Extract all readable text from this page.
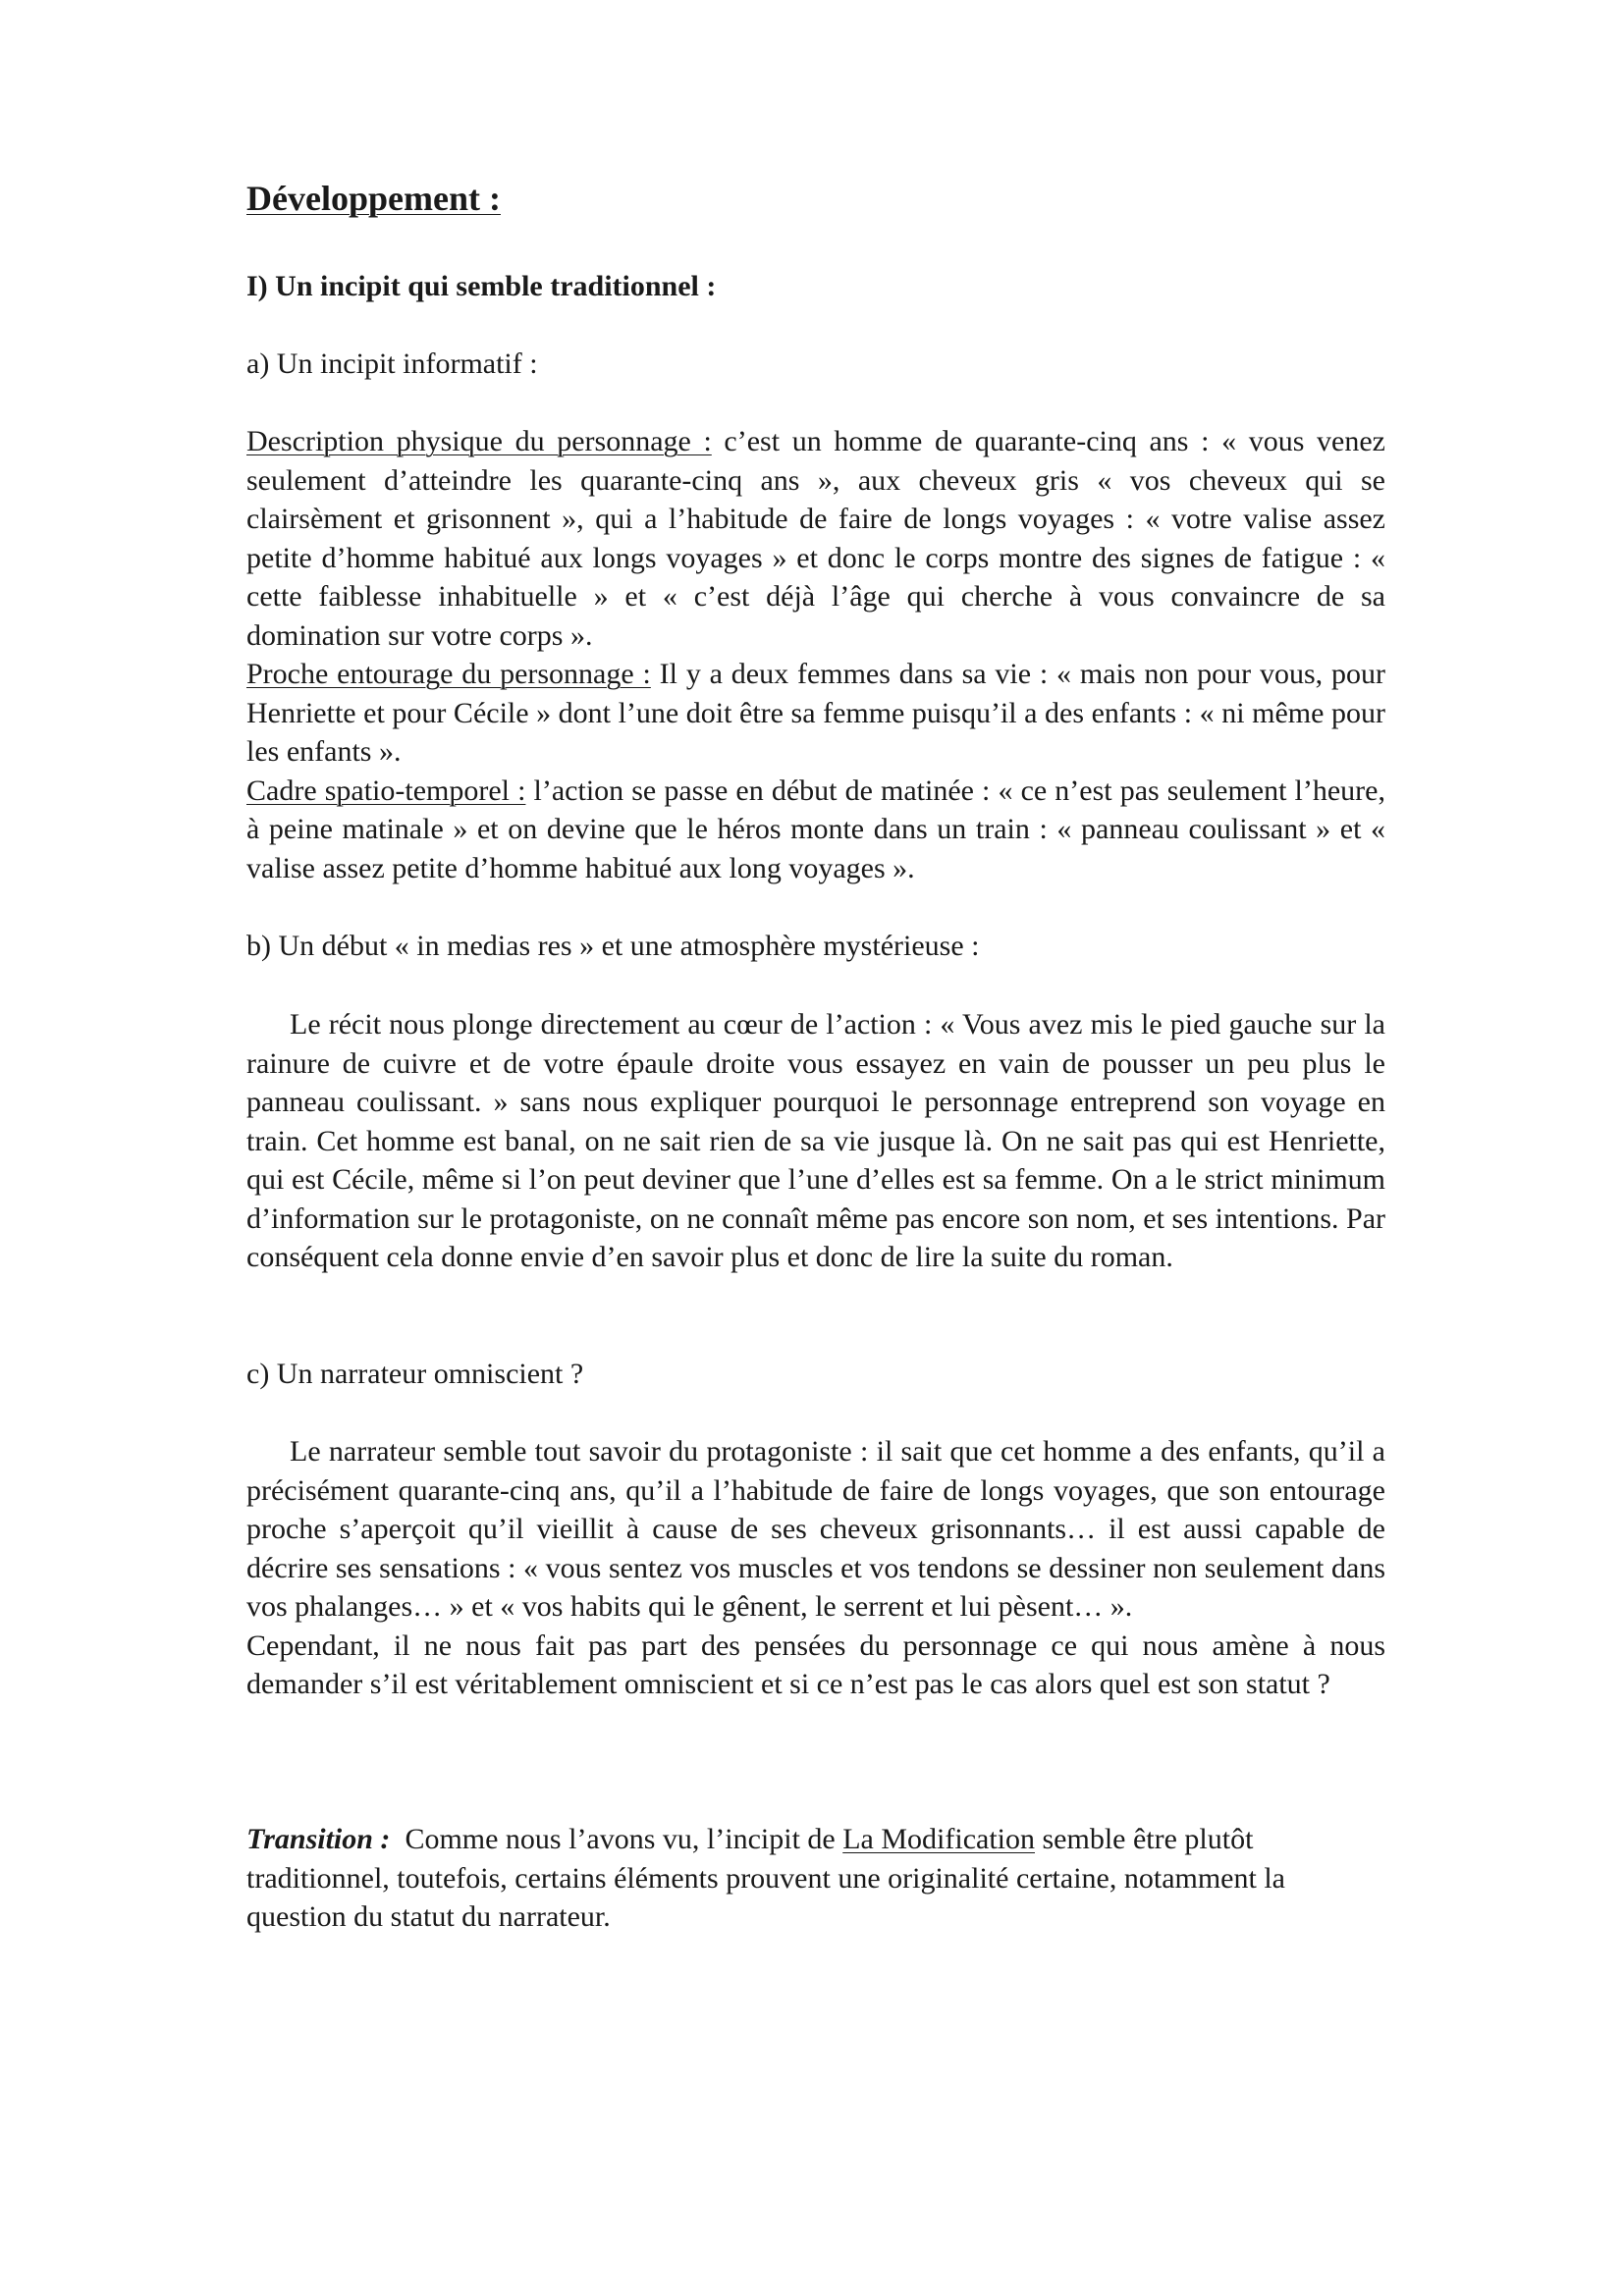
Développement :
I) Un incipit qui semble traditionnel :
a) Un incipit informatif :

Description physique du personnage : c’est un homme de quarante-cinq ans : « vous venez seulement d’atteindre les quarante-cinq ans », aux cheveux gris « vos cheveux qui se clairsèment et grisonnent », qui a l’habitude de faire de longs voyages : « votre valise assez petite d’homme habitué aux longs voyages » et donc le corps montre des signes de fatigue : « cette faiblesse inhabituelle » et « c’est déjà l’âge qui cherche à vous convaincre de sa domination sur votre corps ».

Proche entourage du personnage : Il y a deux femmes dans sa vie : « mais non pour vous, pour Henriette et pour Cécile » dont l’une doit être sa femme puisqu’il a des enfants : « ni même pour les enfants ».

Cadre spatio-temporel : l’action se passe en début de matinée : « ce n’est pas seulement l’heure, à peine matinale » et on devine que le héros monte dans un train : « panneau coulissant » et « valise assez petite d’homme habitué aux long voyages ».

b) Un début « in medias res » et une atmosphère mystérieuse :

Le récit nous plonge directement au cœur de l’action : « Vous avez mis le pied gauche sur la rainure de cuivre et de votre épaule droite vous essayez en vain de pousser un peu plus le panneau coulissant. » sans nous expliquer pourquoi le personnage entreprend son voyage en train. Cet homme est banal, on ne sait rien de sa vie jusque là. On ne sait pas qui est Henriette, qui est Cécile, même si l’on peut deviner que l’une d’elles est sa femme. On a le strict minimum d’information sur le protagoniste, on ne connaît même pas encore son nom, et ses intentions. Par conséquent cela donne envie d’en savoir plus et donc de lire la suite du roman.

c) Un narrateur omniscient ?

Le narrateur semble tout savoir du protagoniste : il sait que cet homme a des enfants, qu’il a précisément quarante-cinq ans, qu’il a l’habitude de faire de longs voyages, que son entourage proche s’aperçoit qu’il vieillit à cause de ses cheveux grisonnants… il est aussi capable de décrire ses sensations : « vous sentez vos muscles et vos tendons se dessiner non seulement dans vos phalanges… » et « vos habits qui le gênent, le serrent et lui pèsent… ».

Cependant, il ne nous fait pas part des pensées du personnage ce qui nous amène à nous demander s’il est véritablement omniscient et si ce n’est pas le cas alors quel est son statut ?

Transition :  Comme nous l’avons vu, l’incipit de La Modification semble être plutôt traditionnel, toutefois, certains éléments prouvent une originalité certaine, notamment la question du statut du narrateur.
